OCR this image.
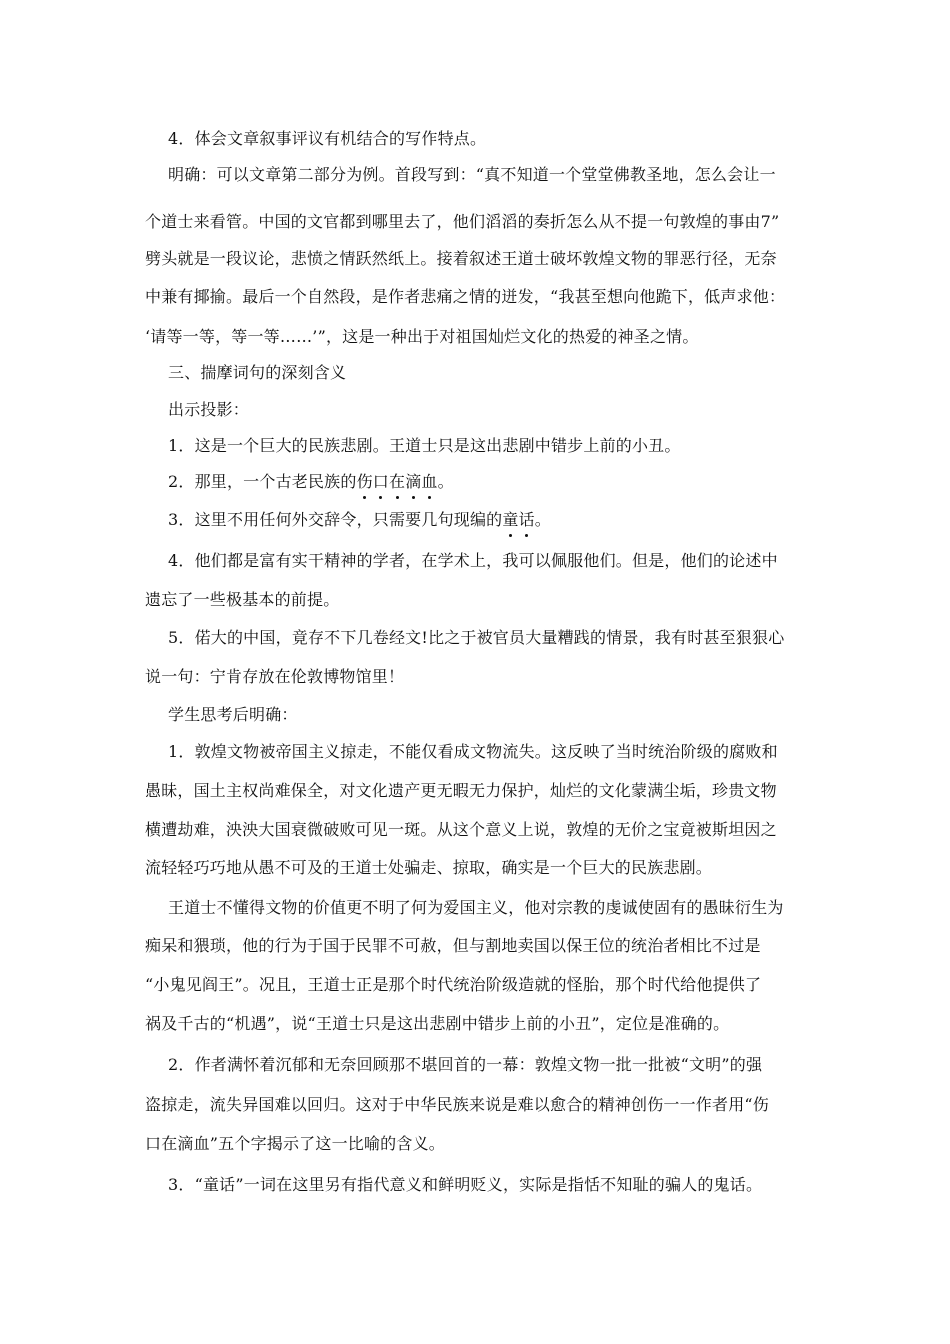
4．体会文章叙事评议有机结合的写作特点。
明确：可以文章第二部分为例。首段写到：“真不知道一个堂堂佛教圣地，怎么会让一
个道士来看管。中国的文官都到哪里去了，他们滔滔的奏折怎么从不提一句敦煌的事由7”
劈头就是一段议论，悲愤之情跃然纸上。接着叙述王道士破坏敦煌文物的罪恶行径，无奈
中兼有揶揄。最后一个自然段，是作者悲痛之情的迸发，“我甚至想向他跪下，低声求他：
‘请等一等，等一等……’”，这是一种出于对祖国灿烂文化的热爱的神圣之情。
三、揣摩词句的深刻含义
出示投影：
1．这是一个巨大的民族悲剧。王道士只是这出悲剧中错步上前的小丑。
2．那里，一个古老民族的伤口在滴血。
3．这里不用任何外交辞令，只需要几句现编的童话。
4．他们都是富有实干精神的学者，在学术上，我可以佩服他们。但是，他们的论述中
遗忘了一些极基本的前提。
5．偌大的中国，竟存不下几卷经文!比之于被官员大量糟践的情景，我有时甚至狠狠心
说一句：宁肯存放在伦敦博物馆里！
学生思考后明确：
1．敦煌文物被帝国主义掠走，不能仅看成文物流失。这反映了当时统治阶级的腐败和
愚昧，国土主权尚难保全，对文化遗产更无暇无力保护，灿烂的文化蒙满尘垢，珍贵文物
横遭劫难，泱泱大国衰微破败可见一斑。从这个意义上说，敦煌的无价之宝竟被斯坦因之
流轻轻巧巧地从愚不可及的王道士处骗走、掠取，确实是一个巨大的民族悲剧。
王道士不懂得文物的价值更不明了何为爱国主义，他对宗教的虔诚使固有的愚昧衍生为
痴呆和猥琐，他的行为于国于民罪不可赦，但与割地卖国以保王位的统治者相比不过是
“小鬼见阎王”。况且，王道士正是那个时代统治阶级造就的怪胎，那个时代给他提供了
祸及千古的“机遇”，说“王道士只是这出悲剧中错步上前的小丑”，定位是准确的。
2．作者满怀着沉郁和无奈回顾那不堪回首的一幕：敦煌文物一批一批被“文明”的强
盗掠走，流失异国难以回归。这对于中华民族来说是难以愈合的精神创伤一一作者用“伤
口在滴血”五个字揭示了这一比喻的含义。
3．“童话”一词在这里另有指代意义和鲜明贬义，实际是指恬不知耻的骗人的鬼话。
